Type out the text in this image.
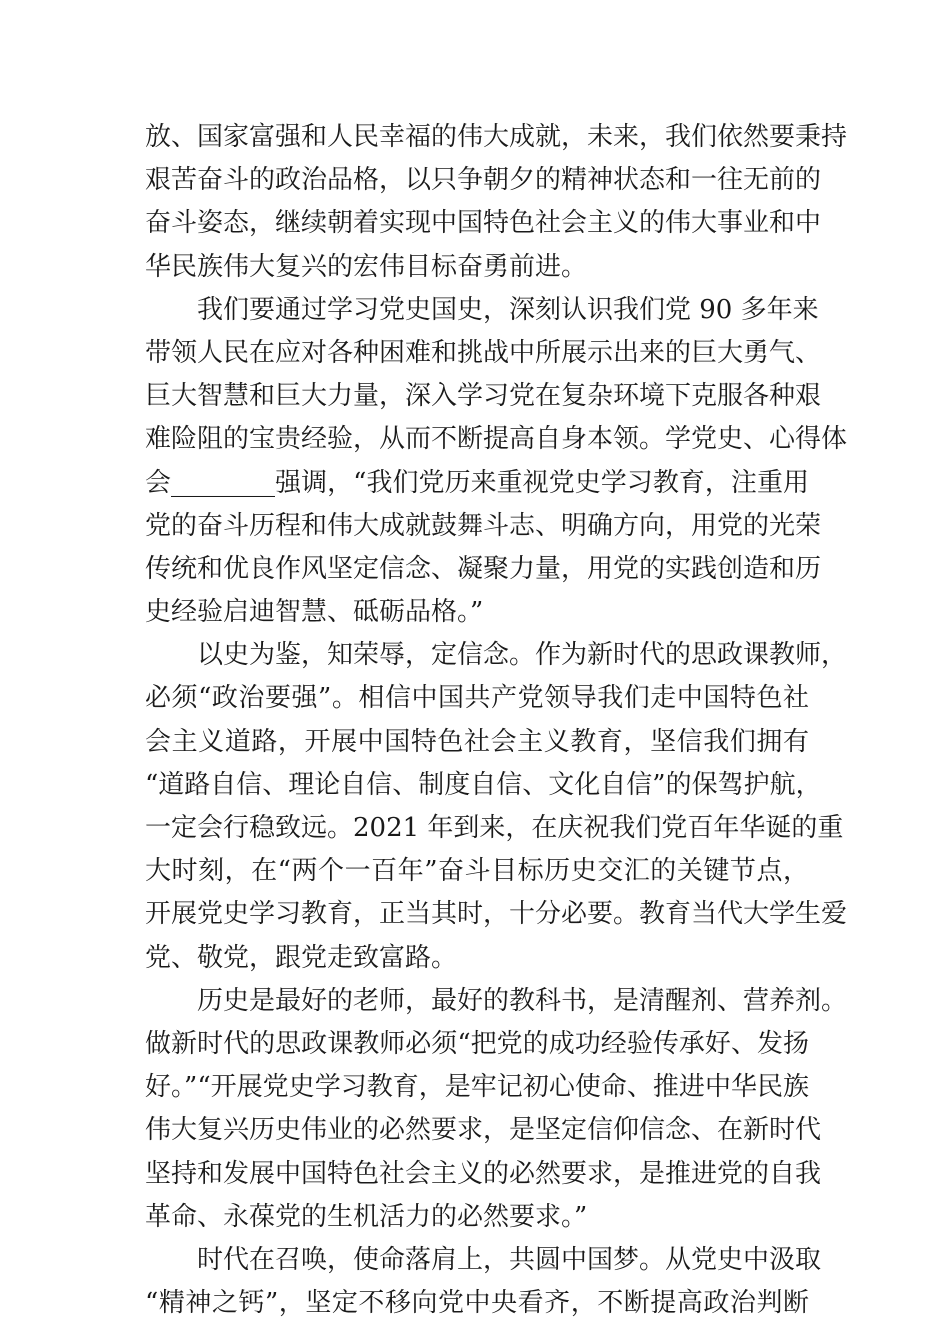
放、国家富强和人民幸福的伟大成就，未来，我们依然要秉持
艰苦奋斗的政治品格，以只争朝夕的精神状态和一往无前的
奋斗姿态，继续朝着实现中国特色社会主义的伟大事业和中
华民族伟大复兴的宏伟目标奋勇前进。
我们要通过学习党史国史，深刻认识我们党 90 多年来
带领人民在应对各种困难和挑战中所展示出来的巨大勇气、
巨大智慧和巨大力量，深入学习党在复杂环境下克服各种艰
难险阻的宝贵经验，从而不断提高自身本领。学党史、心得体
会________强调，“我们党历来重视党史学习教育，注重用
党的奋斗历程和伟大成就鼓舞斗志、明确方向，用党的光荣
传统和优良作风坚定信念、凝聚力量，用党的实践创造和历
史经验启迪智慧、砥砺品格。”
以史为鉴，知荣辱，定信念。作为新时代的思政课教师，
必须“政治要强”。相信中国共产党领导我们走中国特色社
会主义道路，开展中国特色社会主义教育，坚信我们拥有
“道路自信、理论自信、制度自信、文化自信”的保驾护航，
一定会行稳致远。2021 年到来，在庆祝我们党百年华诞的重
大时刻，在“两个一百年”奋斗目标历史交汇的关键节点，
开展党史学习教育，正当其时，十分必要。教育当代大学生爱
党、敬党，跟党走致富路。
历史是最好的老师，最好的教科书，是清醒剂、营养剂。
做新时代的思政课教师必须“把党的成功经验传承好、发扬
好。”“开展党史学习教育，是牢记初心使命、推进中华民族
伟大复兴历史伟业的必然要求，是坚定信仰信念、在新时代
坚持和发展中国特色社会主义的必然要求，是推进党的自我
革命、永葆党的生机活力的必然要求。”
时代在召唤，使命落肩上，共圆中国梦。从党史中汲取
“精神之钙”，坚定不移向党中央看齐，不断提高政治判断
